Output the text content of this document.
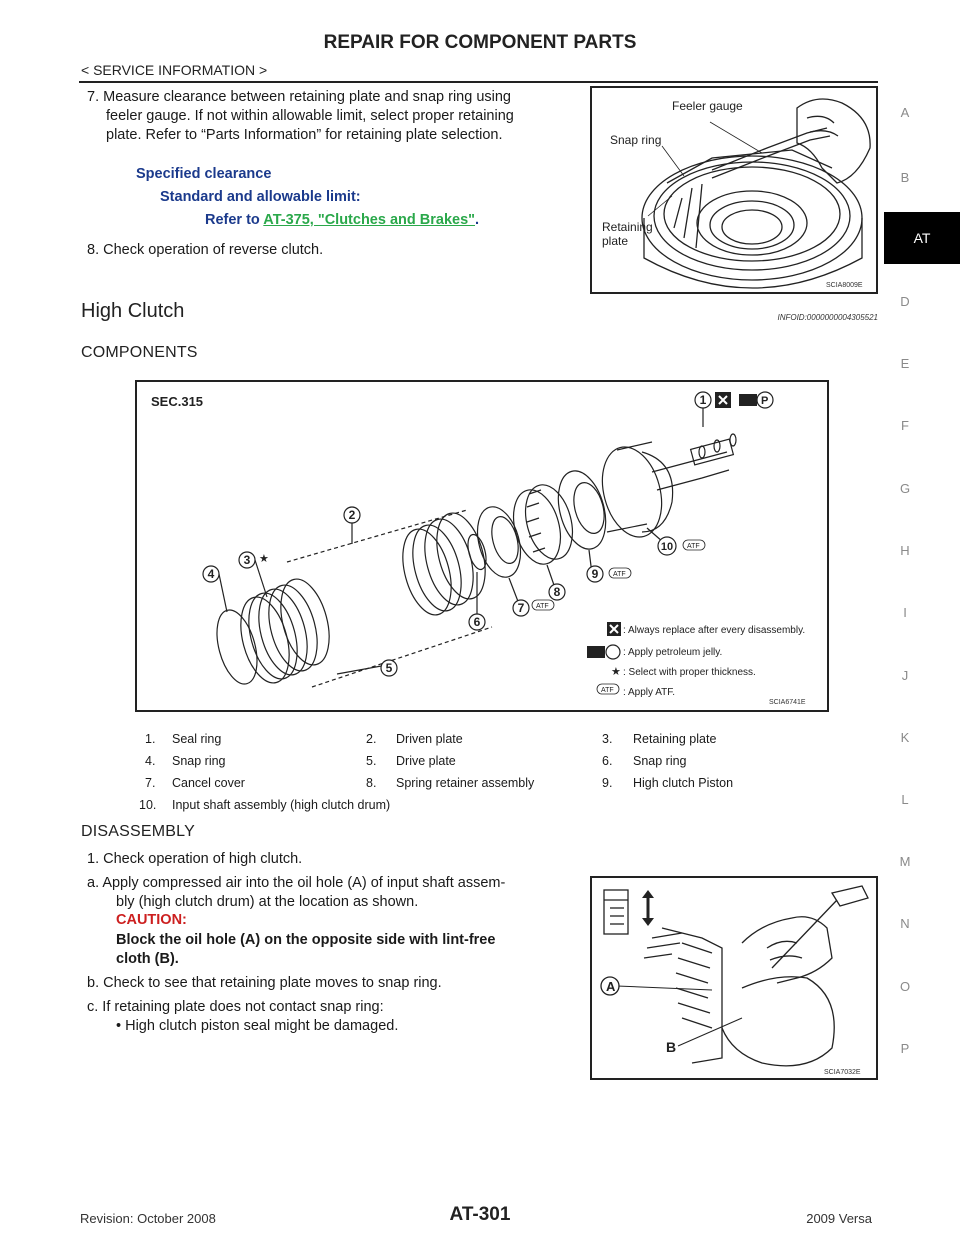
REPAIR FOR COMPONENT PARTS
< SERVICE INFORMATION >
A
B
AT
D
E
F
G
H
I
J
K
L
M
N
O
P
7. Measure clearance between retaining plate and snap ring using
feeler gauge. If not within allowable limit, select proper retaining
plate. Refer to “Parts Information” for retaining plate selection.
Specified clearance
Standard and allowable limit:
Refer to AT-375, "Clutches and Brakes".
8. Check operation of reverse clutch.
Feeler gauge
Snap ring
Retaining
plate
SCIA8009E
High Clutch	INFOID:0000000004305521
COMPONENTS
SEC.315	1
2
3
4
5
6
7
8
9
10
★
ATF
ATF
ATF
P
: Always replace after every disassembly.
: Apply petroleum jelly.
★ : Select with proper thickness.
ATF : Apply ATF.
SCIA6741E
1. Seal ring	2. Driven plate	3. Retaining plate
4. Snap ring	5. Drive plate	6. Snap ring
7. Cancel cover	8. Spring retainer assembly	9. High clutch Piston
10. Input shaft assembly (high clutch drum)
DISASSEMBLY
1. Check operation of high clutch.
a. Apply compressed air into the oil hole (A) of input shaft assem-
bly (high clutch drum) at the location as shown.
CAUTION:
Block the oil hole (A) on the opposite side with lint-free
cloth (B).
b. Check to see that retaining plate moves to snap ring.
c. If retaining plate does not contact snap ring:
• High clutch piston seal might be damaged.
A
B
SCIA7032E
Revision: October 2008	AT-301	2009 Versa
